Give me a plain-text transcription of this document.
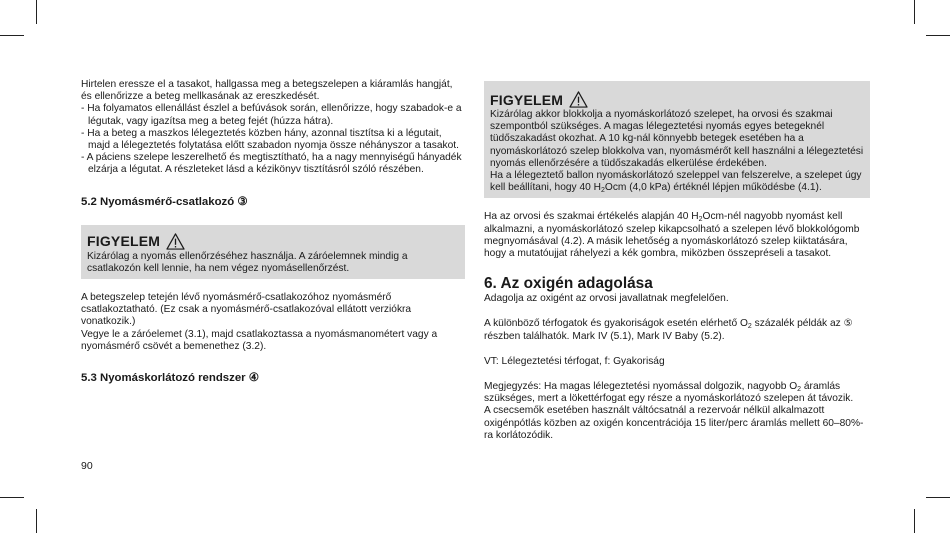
Hirtelen eressze el a tasakot, hallgassa meg a betegszelepen a kiáramlás hangját, és ellenőrizze a beteg mellkasának az ereszkedését.

- Ha folyamatos ellenállást észlel a befúvások során, ellenőrizze, hogy szabadok-e a légutak, vagy igazítsa meg a beteg fejét (húzza hátra).

- Ha a beteg a maszkos lélegeztetés közben hány, azonnal tisztítsa ki a légutait, majd a lélegeztetés folytatása előtt szabadon nyomja össze néhányszor a tasakot.

- A páciens szelepe leszerelhető és megtisztítható, ha a nagy mennyiségű hányadék elzárja a légutat. A részleteket lásd a kézikönyv tisztításról szóló részében.

5.2 Nyomásmérő-csatlakozó ③
FIGYELEM

Kizárólag a nyomás ellenőrzéséhez használja. A záróelemnek mindig a csatlakozón kell lennie, ha nem végez nyomásellenőrzést.

A betegszelep tetején lévő nyomásmérő-csatlakozóhoz nyomásmérő csatlakoztatható. (Ez csak a nyomásmérő-csatlakozóval ellátott verziókra vonatkozik.)

Vegye le a záróelemet (3.1), majd csatlakoztassa a nyomásmanométert vagy a nyomásmérő csövét a bemenethez (3.2).

5.3 Nyomáskorlátozó rendszer ④
FIGYELEM

Kizárólag akkor blokkolja a nyomáskorlátozó szelepet, ha orvosi és szakmai szempontból szükséges. A magas lélegeztetési nyomás egyes betegeknél tüdőszakadást okozhat. A 10 kg-nál könnyebb betegek esetében ha a nyomáskorlátozó szelep blokkolva van, nyomásmérőt kell használni a lélegeztetési nyomás ellenőrzésére a tüdőszakadás elkerülése érdekében.

Ha a lélegeztető ballon nyomáskorlátozó szeleppel van felszerelve, a szelepet úgy kell beállítani, hogy 40 $H_2Ocm$ (4,0 kPa) értéknél lépjen működésbe (4.1).

Ha az orvosi és szakmai értékelés alapján 40 $H_2Ocm$-nél nagyobb nyomást kell alkalmazni, a nyomáskorlátozó szelep kikapcsolható a szelepen lévő blokkológomb megnyomásával (4.2). A másik lehetőség a nyomáskorlátozó szelep kiiktatására, hogy a mutatóujjat ráhelyezi a kék gombra, miközben összepréseli a tasakot.

6. Az oxigén adagolása

Adagolja az oxigént az orvosi javallatnak megfelelően.

A különböző térfogatok és gyakoriságok esetén elérhető $O_2$ százalék példák az ⑤ részben találhatók. Mark IV (5.1), Mark IV Baby (5.2).

VT: Lélegeztetési térfogat, f: Gyakoriság

Megjegyzés: Ha magas lélegeztetési nyomással dolgozik, nagyobb $O_2$ áramlás szükséges, mert a lökettérfogat egy része a nyomáskorlátozó szelepen át távozik.

A csecsemők esetében használt váltócsatnál a rezervoár nélkül alkalmazott oxigénpótlás közben az oxigén koncentrációja 15 liter/perc áramlás mellett 60–80%-ra korlátozódik.

90
